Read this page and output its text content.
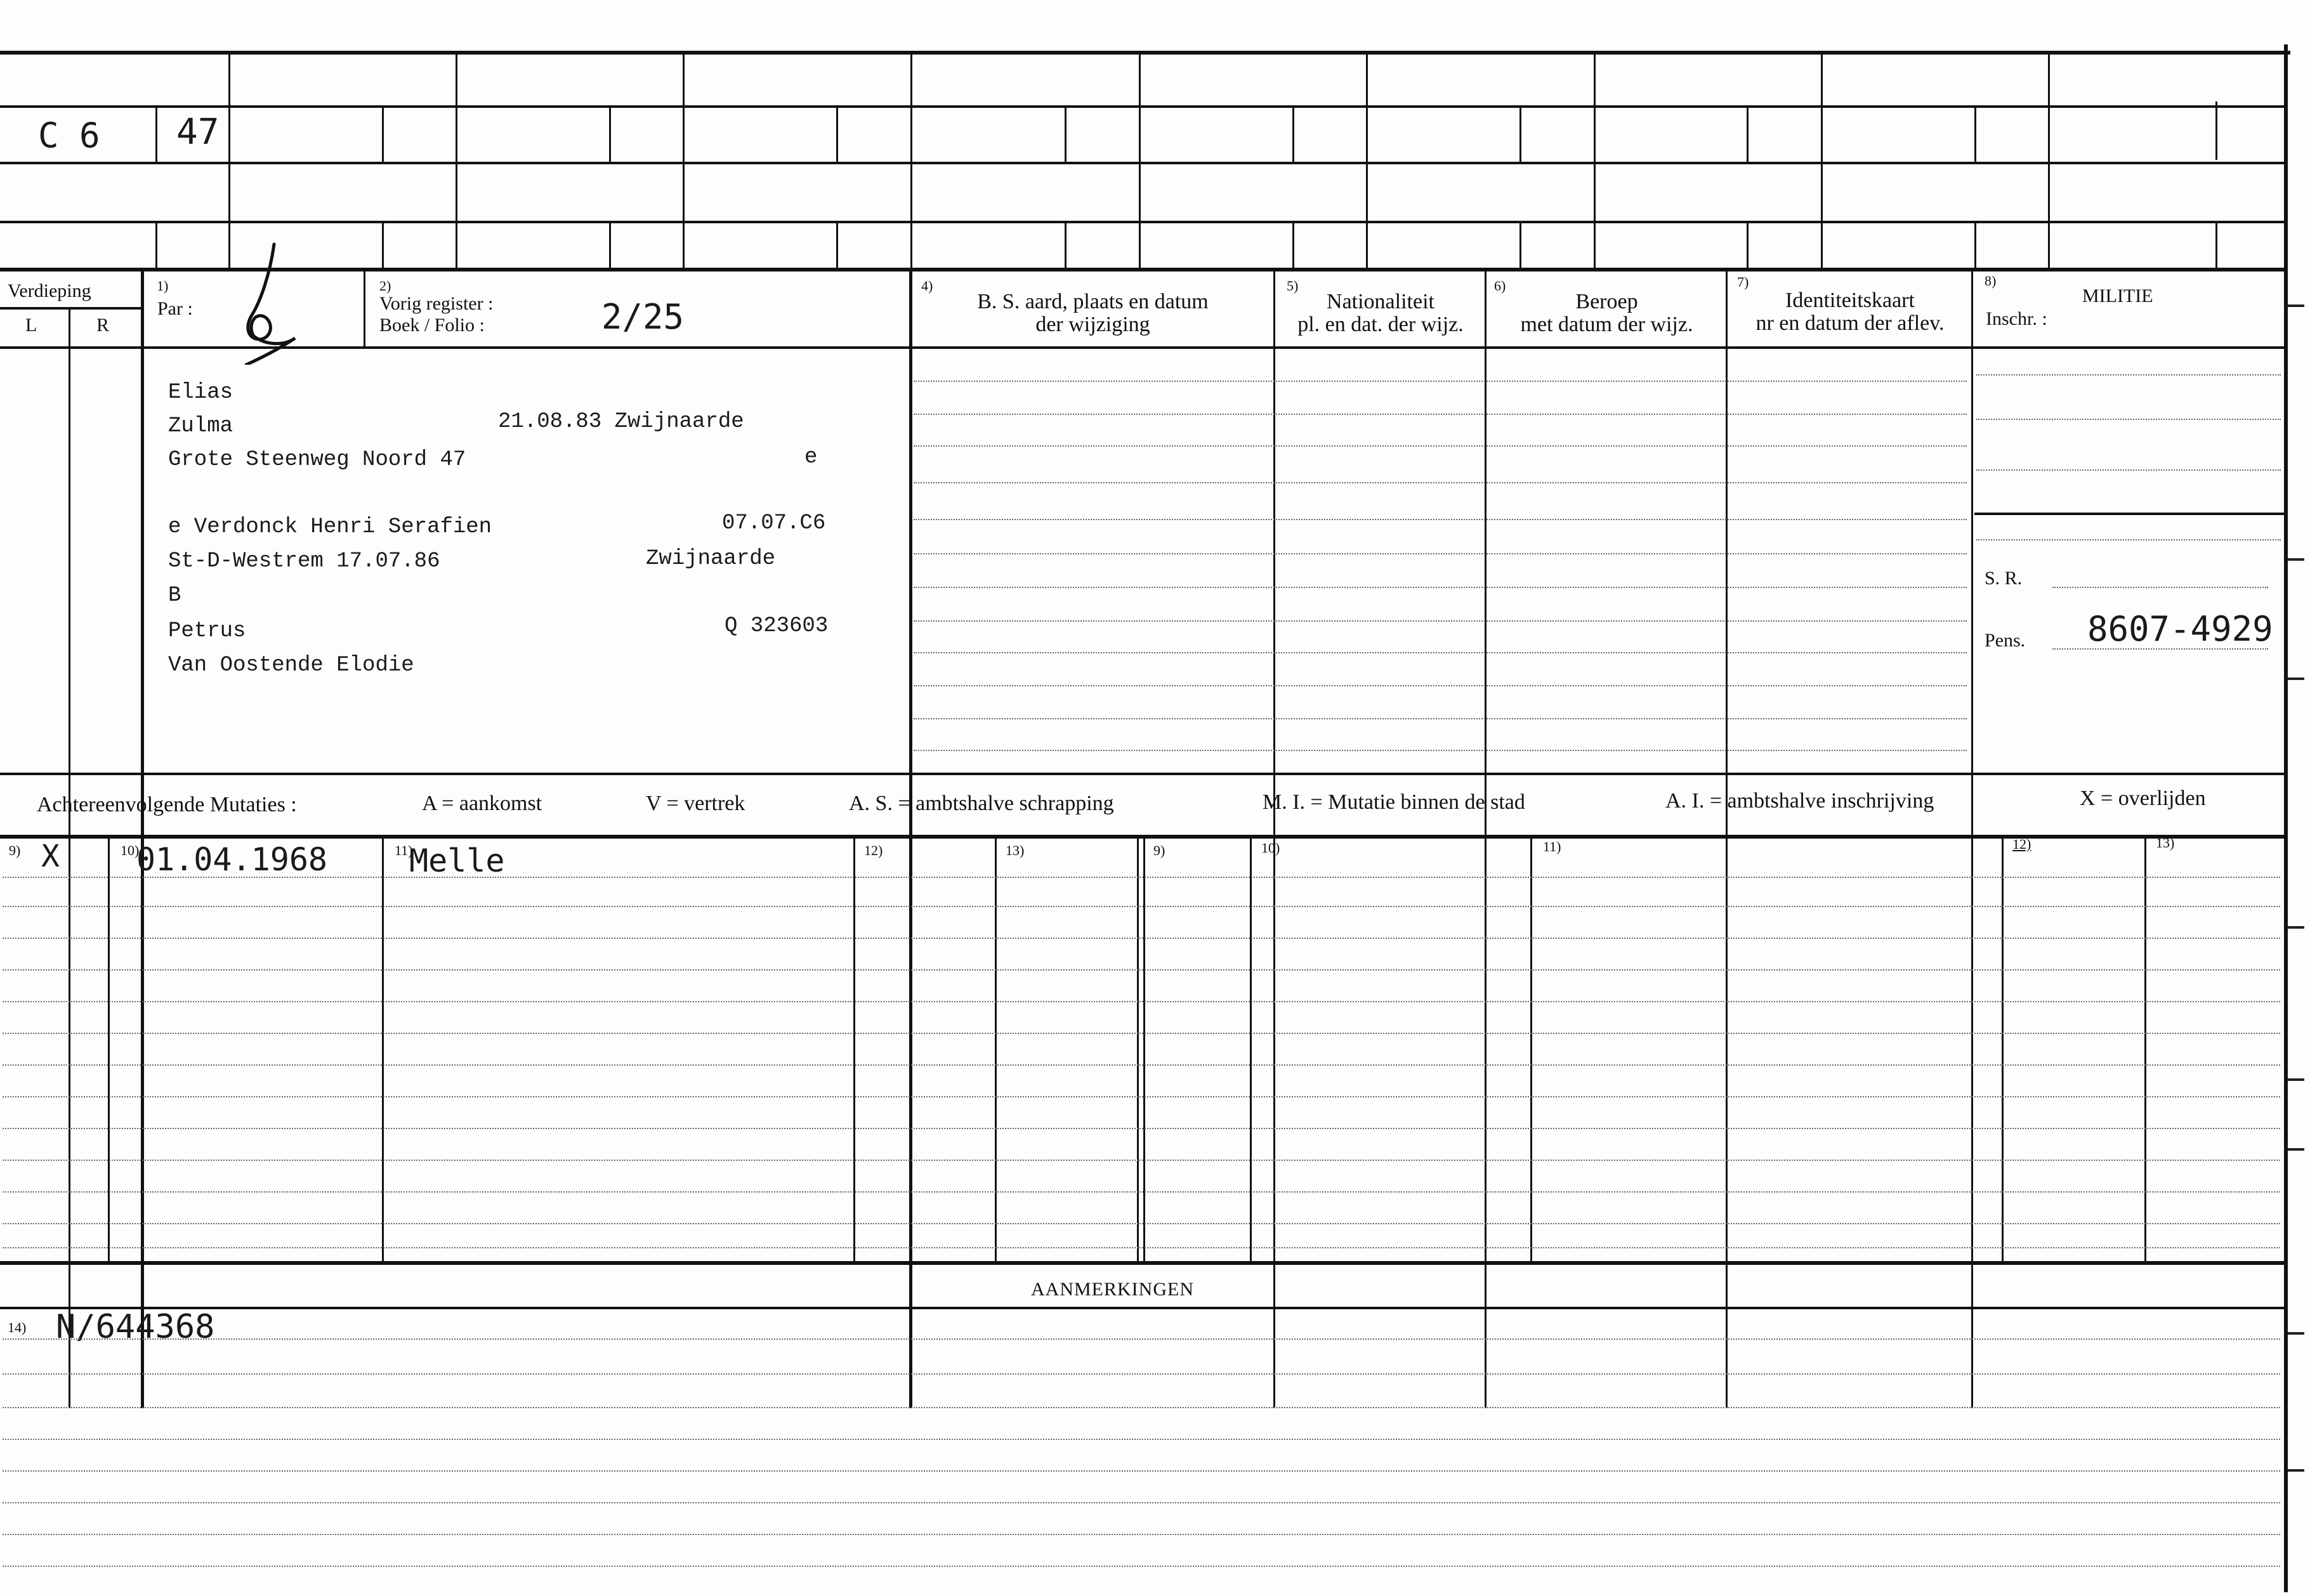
C 6 47
Verdieping
L	R
1)
Par :
2)
Vorig register :
Boek / Folio :	2/25
4)
B. S. aard, plaats en datum
der wijziging
5)
Nationaliteit
pl. en dat. der wijz.
6)
Beroep
met datum der wijz.
7)
Identiteitskaart
nr en datum der aflev.
8)
MILITIE
Inschr. :
Elias
Zulma	21.08.83 Zwijnaarde
Grote Steenweg Noord 47	e
e Verdonck Henri Serafien	07.07.C6
St-D-Westrem 17.07.86	Zwijnaarde
B
Petrus	Q 323603
Van Oostende Elodie
S. R.
Pens. 8607-4929
Achtereenvolgende Mutaties :	A = aankomst	V = vertrek	A. S. = ambtshalve schrapping	M. I. = Mutatie binnen de stad	A. I. = ambtshalve inschrijving	X = overlijden
9)	10)	11)	12)	13)	9)	10)	11)	12)	13)
X 01.04.1968	Melle
AANMERKINGEN
14) N/644368
